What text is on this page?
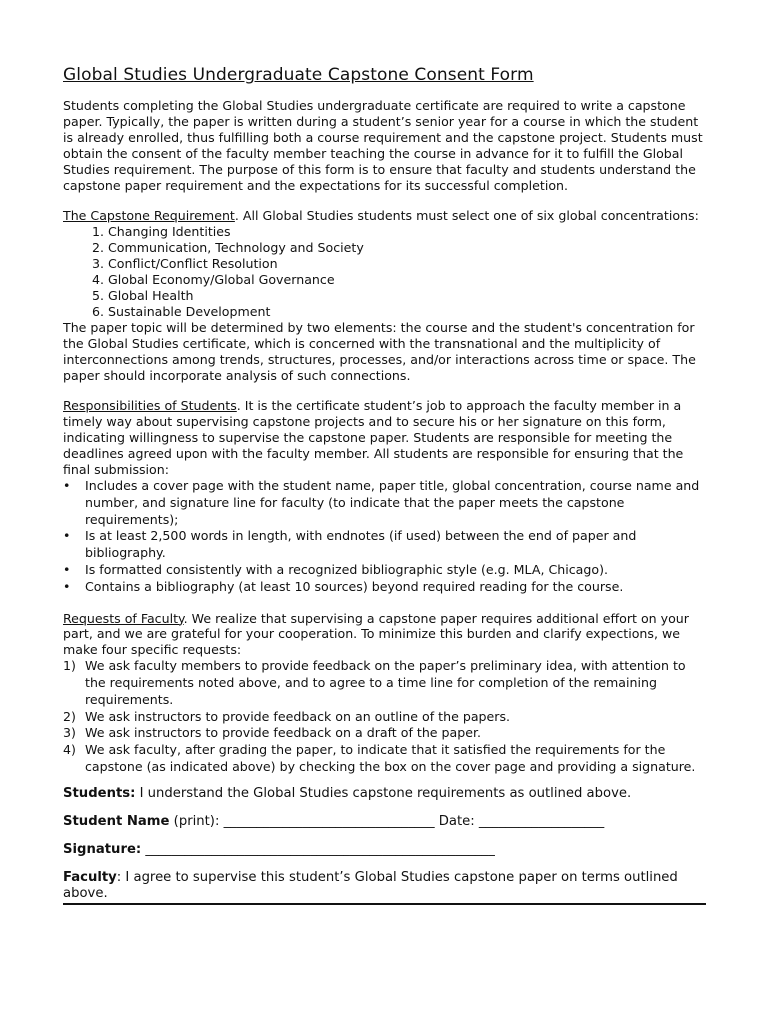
Global Studies Undergraduate Capstone Consent Form

Students completing the Global Studies undergraduate certificate are required to write a capstone paper. Typically, the paper is written during a student’s senior year for a course in which the student is already enrolled, thus fulfilling both a course requirement and the capstone project. Students must obtain the consent of the faculty member teaching the course in advance for it to fulfill the Global Studies requirement. The purpose of this form is to ensure that faculty and students understand the capstone paper requirement and the expectations for its successful completion.

The Capstone Requirement. All Global Studies students must select one of six global concentrations:

1. Changing Identities
2. Communication, Technology and Society
3. Conflict/Conflict Resolution
4. Global Economy/Global Governance
5. Global Health
6. Sustainable Development

The paper topic will be determined by two elements: the course and the student's concentration for the Global Studies certificate, which is concerned with the transnational and the multiplicity of interconnections among trends, structures, processes, and/or interactions across time or space. The paper should incorporate analysis of such connections.

Responsibilities of Students. It is the certificate student’s job to approach the faculty member in a timely way about supervising capstone projects and to secure his or her signature on this form, indicating willingness to supervise the capstone paper. Students are responsible for meeting the deadlines agreed upon with the faculty member. All students are responsible for ensuring that the final submission:

• Includes a cover page with the student name, paper title, global concentration, course name and number, and signature line for faculty (to indicate that the paper meets the capstone requirements);
• Is at least 2,500 words in length, with endnotes (if used) between the end of paper and bibliography.
• Is formatted consistently with a recognized bibliographic style (e.g. MLA, Chicago).
• Contains a bibliography (at least 10 sources) beyond required reading for the course.

Requests of Faculty. We realize that supervising a capstone paper requires additional effort on your part, and we are grateful for your cooperation. To minimize this burden and clarify expections, we make four specific requests:

1) We ask faculty members to provide feedback on the paper’s preliminary idea, with attention to the requirements noted above, and to agree to a time line for completion of the remaining requirements.
2) We ask instructors to provide feedback on an outline of the papers.
3) We ask instructors to provide feedback on a draft of the paper.
4) We ask faculty, after grading the paper, to indicate that it satisfied the requirements for the capstone (as indicated above) by checking the box on the cover page and providing a signature.
Students: I understand the Global Studies capstone requirements as outlined above.
Student Name (print): ________________________________ Date: ___________________
Signature: _____________________________________________________
Faculty: I agree to supervise this student’s Global Studies capstone paper on terms outlined above.
